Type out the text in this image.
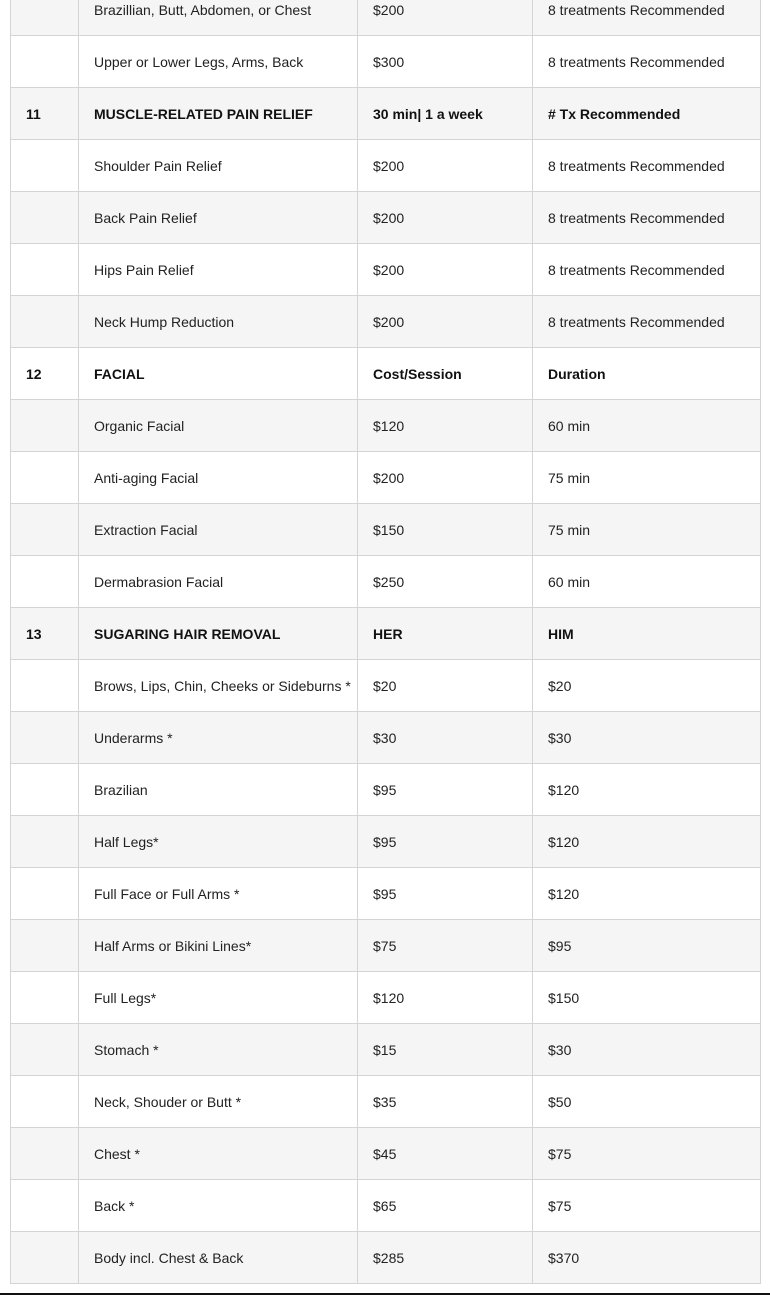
	Brazillian, Butt, Abdomen, or Chest	$200	8 treatments Recommended
	Upper or Lower Legs, Arms, Back	$300	8 treatments Recommended
11	MUSCLE-RELATED PAIN RELIEF	30 min| 1 a week	# Tx Recommended
	Shoulder Pain Relief	$200	8 treatments Recommended
	Back Pain Relief	$200	8 treatments Recommended
	Hips Pain Relief	$200	8 treatments Recommended
	Neck Hump Reduction	$200	8 treatments Recommended
12	FACIAL	Cost/Session	Duration
	Organic Facial	$120	60 min
	Anti-aging Facial	$200	75 min
	Extraction Facial	$150	75 min
	Dermabrasion Facial	$250	60 min
13	SUGARING HAIR REMOVAL	HER	HIM
	Brows, Lips, Chin, Cheeks or Sideburns *	$20	$20
	Underarms *	$30	$30
	Brazilian	$95	$120
	Half Legs*	$95	$120
	Full Face or Full Arms *	$95	$120
	Half Arms or Bikini Lines*	$75	$95
	Full Legs*	$120	$150
	Stomach *	$15	$30
	Neck, Shouder or Butt *	$35	$50
	Chest *	$45	$75
	Back *	$65	$75
	Body incl. Chest & Back	$285	$370
